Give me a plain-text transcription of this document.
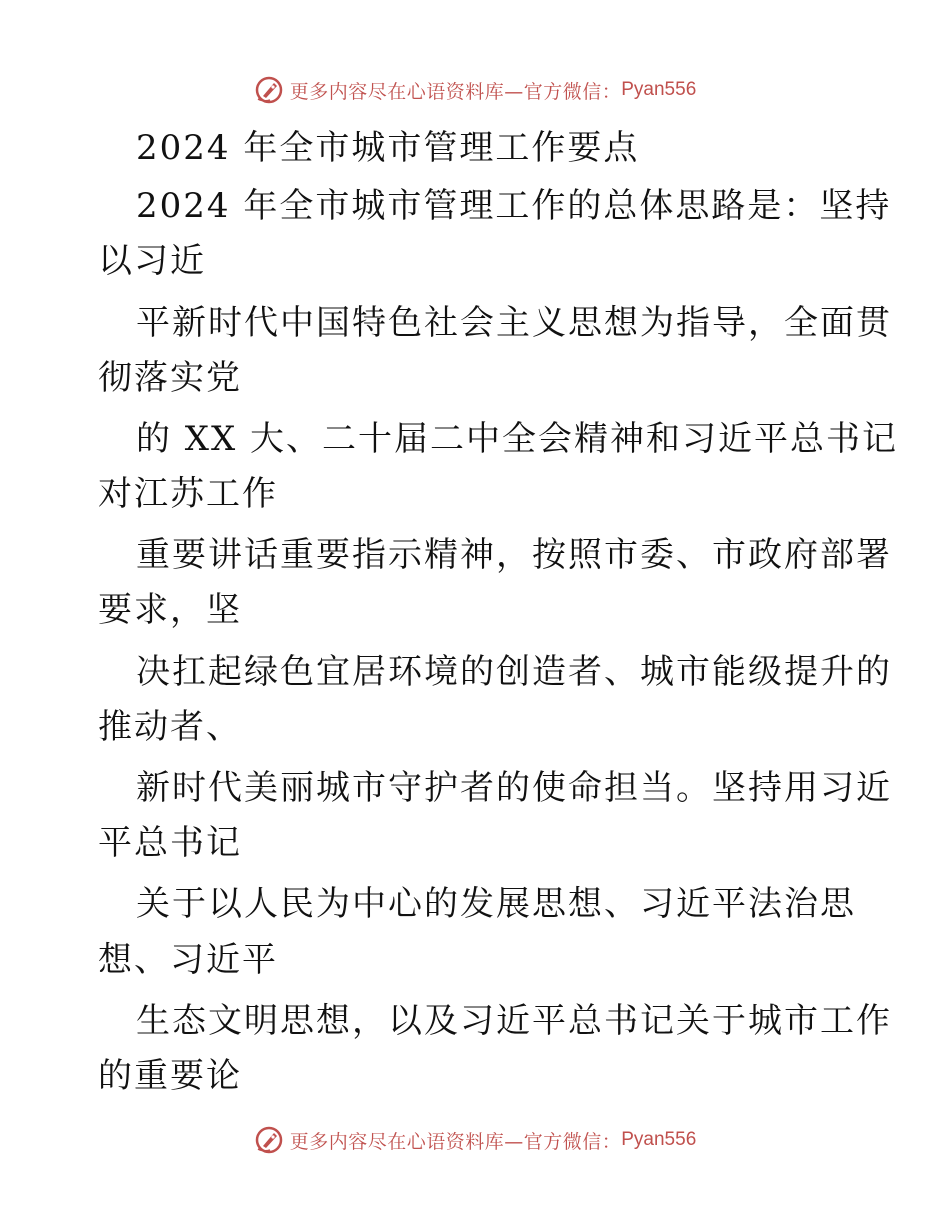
更多内容尽在心语资料库—官方微信： Pyan556
2024 年全市城市管理工作要点
2024 年全市城市管理工作的总体思路是：坚持
以习近
平新时代中国特色社会主义思想为指导，全面贯
彻落实党
的 XX 大、二十届二中全会精神和习近平总书记
对江苏工作
重要讲话重要指示精神，按照市委、市政府部署
要求，坚
决扛起绿色宜居环境的创造者、城市能级提升的
推动者、
新时代美丽城市守护者的使命担当。坚持用习近
平总书记
关于以人民为中心的发展思想、习近平法治思
想、习近平
生态文明思想，以及习近平总书记关于城市工作
的重要论
更多内容尽在心语资料库—官方微信： Pyan556
